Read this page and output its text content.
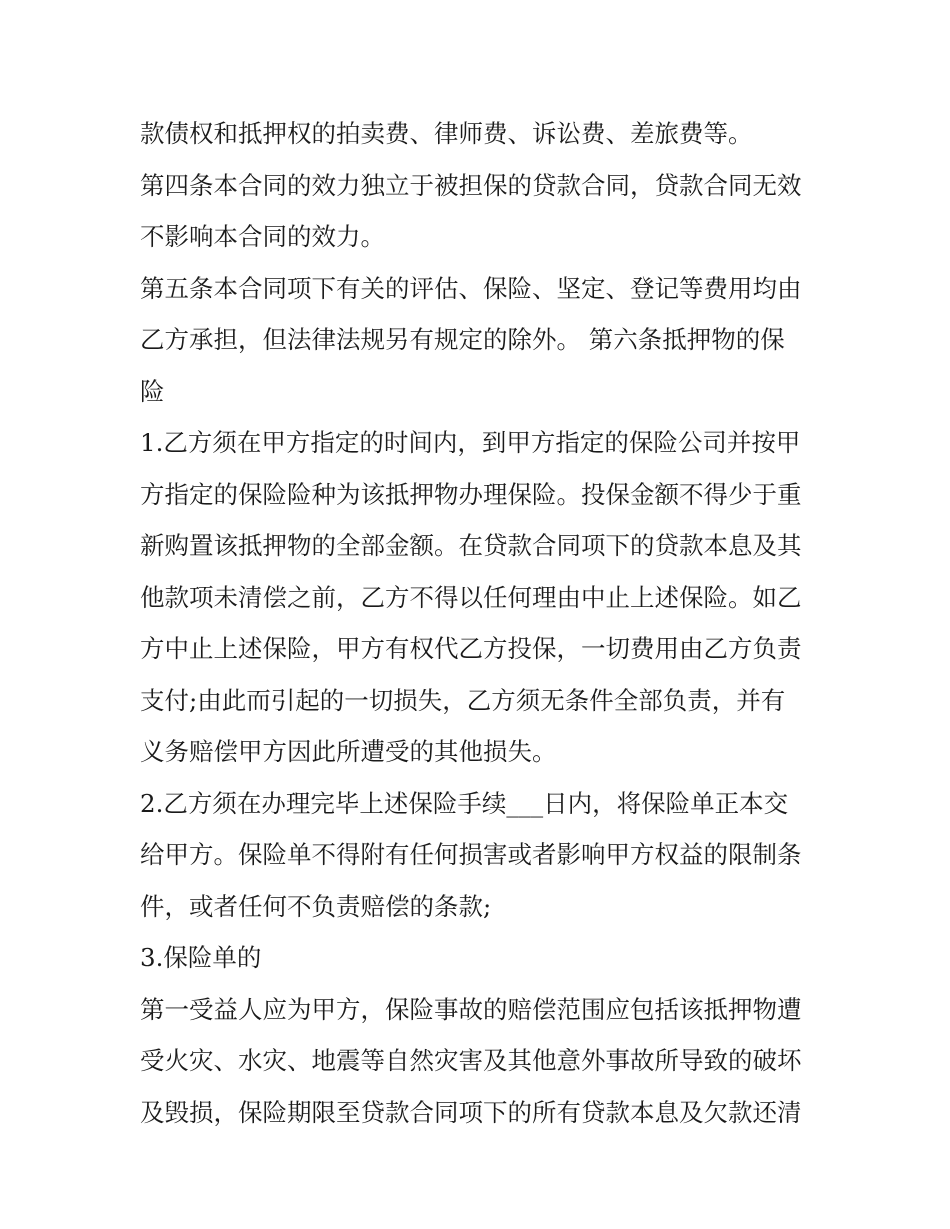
款债权和抵押权的拍卖费、律师费、诉讼费、差旅费等。
第四条本合同的效力独立于被担保的贷款合同，贷款合同无效
不影响本合同的效力。
第五条本合同项下有关的评估、保险、坚定、登记等费用均由
乙方承担，但法律法规另有规定的除外。 第六条抵押物的保
险
1.乙方须在甲方指定的时间内，到甲方指定的保险公司并按甲
方指定的保险险种为该抵押物办理保险。投保金额不得少于重
新购置该抵押物的全部金额。在贷款合同项下的贷款本息及其
他款项未清偿之前，乙方不得以任何理由中止上述保险。如乙
方中止上述保险，甲方有权代乙方投保，一切费用由乙方负责
支付;由此而引起的一切损失，乙方须无条件全部负责，并有
义务赔偿甲方因此所遭受的其他损失。
2.乙方须在办理完毕上述保险手续___日内，将保险单正本交
给甲方。保险单不得附有任何损害或者影响甲方权益的限制条
件，或者任何不负责赔偿的条款;
3.保险单的
第一受益人应为甲方，保险事故的赔偿范围应包括该抵押物遭
受火灾、水灾、地震等自然灾害及其他意外事故所导致的破坏
及毁损，保险期限至贷款合同项下的所有贷款本息及欠款还清
